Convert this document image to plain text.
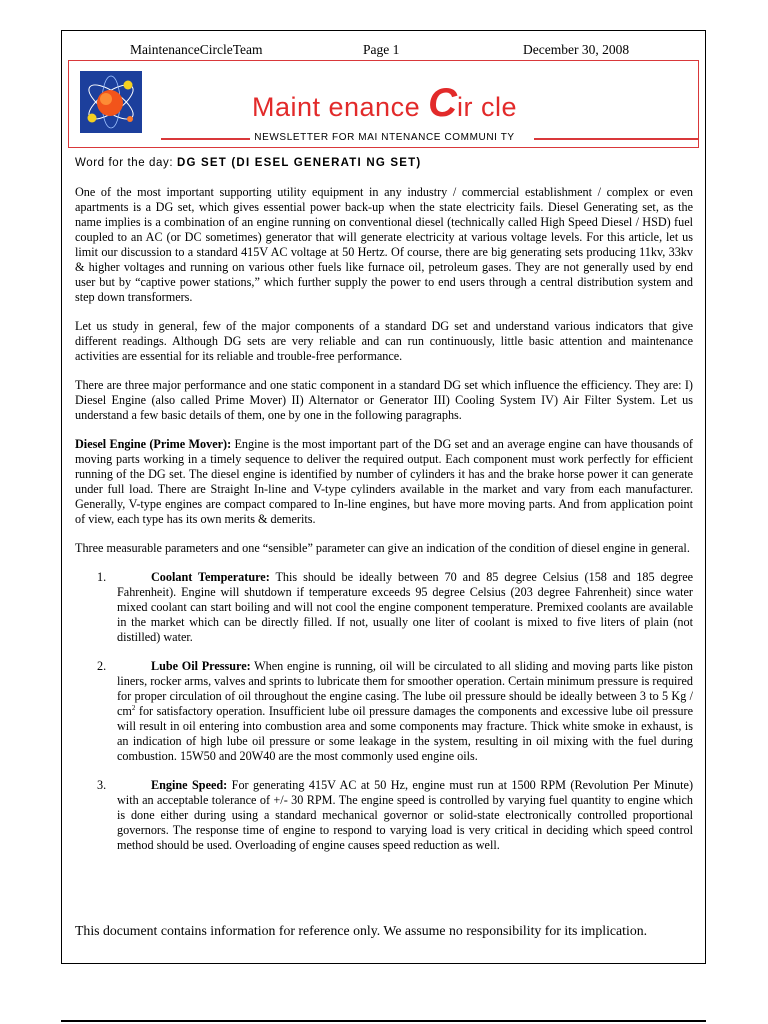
MaintenanceCircleTeam	Page 1	December 30, 2008
Maint enance Cir cle
NEWSLETTER FOR MAI NTENANCE COMMUNI TY
Word for the day: DG SET (DI ESEL GENERATI NG SET)

One of the most important supporting utility equipment in any industry / commercial establishment / complex or even apartments is a DG set, which gives essential power back-up when the state electricity fails. Diesel Generating set, as the name implies is a combination of an engine running on conventional diesel (technically called High Speed Diesel / HSD) fuel coupled to an AC (or DC sometimes) generator that will generate electricity at various voltage levels. For this article, let us limit our discussion to a standard 415V AC voltage at 50 Hertz. Of course, there are big generating sets producing 11kv, 33kv & higher voltages and running on various other fuels like furnace oil, petroleum gases. They are not generally used by end user but by “captive power stations,” which further supply the power to end users through a central distribution system and step down transformers.

Let us study in general, few of the major components of a standard DG set and understand various indicators that give different readings. Although DG sets are very reliable and can run continuously, little basic attention and maintenance activities are essential for its reliable and trouble-free performance.

There are three major performance and one static component in a standard DG set which influence the efficiency. They are: I) Diesel Engine (also called Prime Mover) II) Alternator or Generator III) Cooling System IV) Air Filter System. Let us understand a few basic details of them, one by one in the following paragraphs.

Diesel Engine (Prime Mover): Engine is the most important part of the DG set and an average engine can have thousands of moving parts working in a timely sequence to deliver the required output. Each component must work perfectly for efficient running of the DG set. The diesel engine is identified by number of cylinders it has and the brake horse power it can generate under full load. There are Straight In-line and V-type cylinders available in the market and vary from each manufacturer. Generally, V-type engines are compact compared to In-line engines, but have more moving parts. And from application point of view, each type has its own merits & demerits.

Three measurable parameters and one “sensible” parameter can give an indication of the condition of diesel engine in general.

1.	Coolant Temperature: This should be ideally between 70 and 85 degree Celsius (158 and 185 degree Fahrenheit). Engine will shutdown if temperature exceeds 95 degree Celsius (203 degree Fahrenheit) since water mixed coolant can start boiling and will not cool the engine component temperature. Premixed coolants are available in the market which can be directly filled. If not, usually one liter of coolant is mixed to five liters of plain (not distilled) water.
2.	Lube Oil Pressure: When engine is running, oil will be circulated to all sliding and moving parts like piston liners, rocker arms, valves and sprints to lubricate them for smoother operation. Certain minimum pressure is required for proper circulation of oil throughout the engine casing. The lube oil pressure should be ideally between 3 to 5 Kg / $cm^2$ for satisfactory operation. Insufficient lube oil pressure damages the components and excessive lube oil pressure will result in oil entering into combustion area and some components may fracture. Thick white smoke in exhaust, is an indication of high lube oil pressure or some leakage in the system, resulting in oil mixing with the fuel during combustion. 15W50 and 20W40 are the most commonly used engine oils.
3.	Engine Speed: For generating 415V AC at 50 Hz, engine must run at 1500 RPM (Revolution Per Minute) with an acceptable tolerance of +/- 30 RPM. The engine speed is controlled by varying fuel quantity to engine which is done either during using a standard mechanical governor or solid-state electronically controlled proportional governors. The response time of engine to respond to varying load is very critical in deciding which speed control method should be used. Overloading of engine causes speed reduction as well.
This document contains information for reference only. We assume no responsibility for its implication.
